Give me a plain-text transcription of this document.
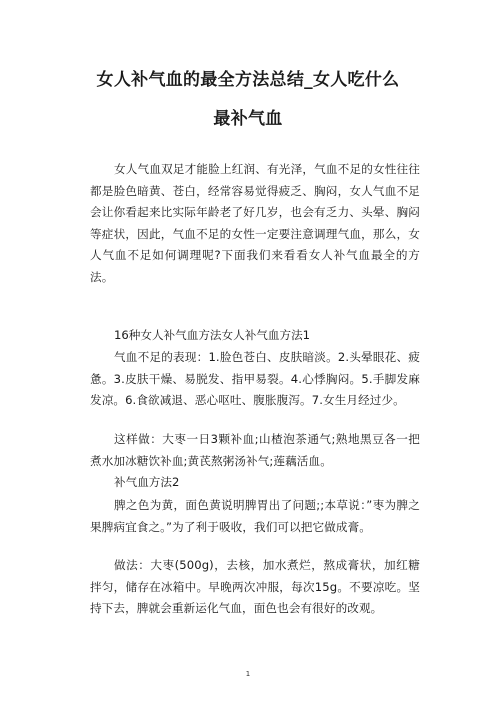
女人补气血的最全方法总结_女人吃什么
最补气血

女人气血双足才能脸上红润、有光泽，气血不足的女性往往都是脸色暗黄、苍白，经常容易觉得疲乏、胸闷，女人气血不足会让你看起来比实际年龄老了好几岁，也会有乏力、头晕、胸闷等症状，因此，气血不足的女性一定要注意调理气血，那么，女人气血不足如何调理呢?下面我们来看看女人补气血最全的方法。

16种女人补气血方法女人补气血方法1

气血不足的表现：1.脸色苍白、皮肤暗淡。2.头晕眼花、疲惫。3.皮肤干燥、易脱发、指甲易裂。4.心悸胸闷。5.手脚发麻发凉。6.食欲减退、恶心呕吐、腹胀腹泻。7.女生月经过少。

这样做：大枣一日3颗补血;山楂泡茶通气;熟地黑豆各一把煮水加冰糖饮补血;黄芪熬粥汤补气;莲藕活血。

补气血方法2

脾之色为黄，面色黄说明脾胃出了问题;;本草说：”枣为脾之果脾病宜食之。”为了利于吸收，我们可以把它做成膏。

做法：大枣(500g)，去核，加水煮烂，熬成膏状，加红糖拌匀，储存在冰箱中。早晚两次冲服，每次15g。不要凉吃。坚持下去，脾就会重新运化气血，面色也会有很好的改观。

1
